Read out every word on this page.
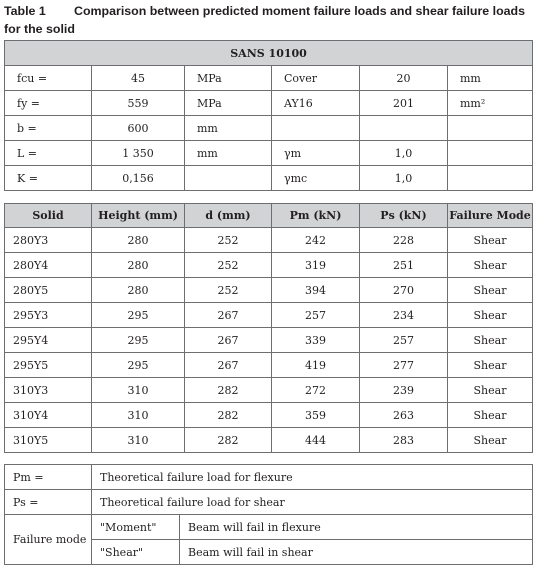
Table 1 Comparison between predicted moment failure loads and shear failure loads for the solid
SANS 10100					
fcu =	45	MPa	Cover	20	mm
fy =	559	MPa	AY16	201	mm²
b =	600	mm			
L =	1 350	mm	γm	1,0	
K =	0,156		γmc	1,0	
Solid	Height (mm)	d (mm)	Pm (kN)	Ps (kN)	Failure Mode
280Y3	280	252	242	228	Shear
280Y4	280	252	319	251	Shear
280Y5	280	252	394	270	Shear
295Y3	295	267	257	234	Shear
295Y4	295	267	339	257	Shear
295Y5	295	267	419	277	Shear
310Y3	310	282	272	239	Shear
310Y4	310	282	359	263	Shear
310Y5	310	282	444	283	Shear
Pm =	Theoretical failure load for flexure	
Ps =	Theoretical failure load for shear	
Failure mode	"Moment"	Beam will fail in flexure
	"Shear"	Beam will fail in shear
